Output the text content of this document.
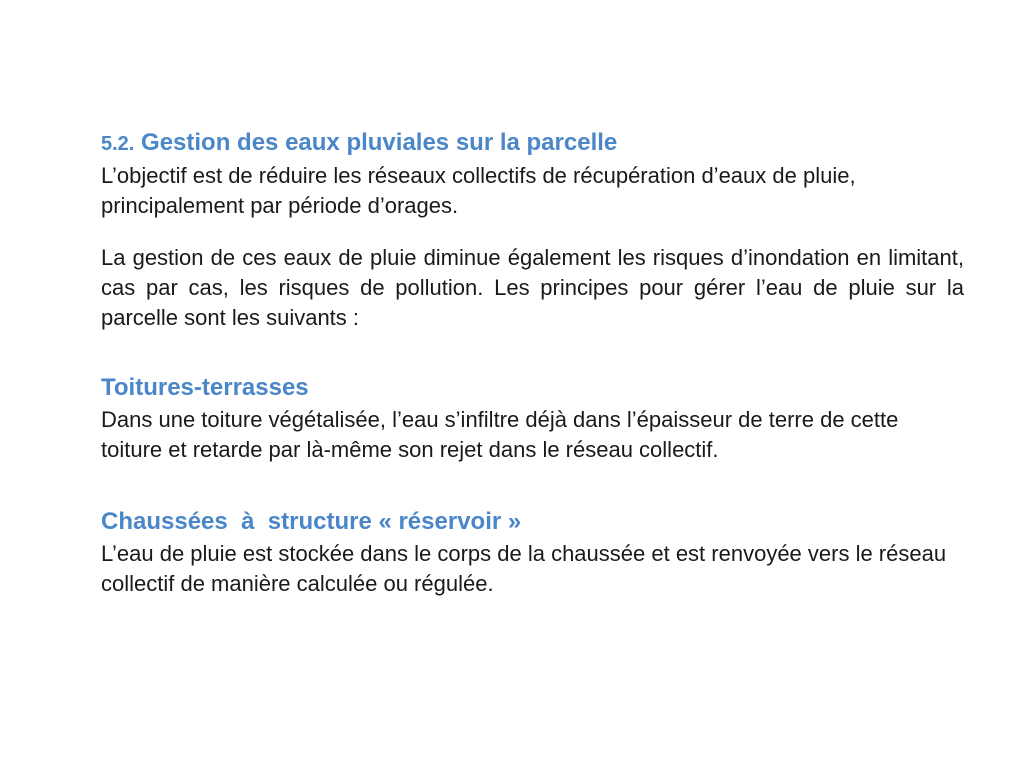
5.2. Gestion des eaux pluviales sur la parcelle

L’objectif est de réduire les réseaux collectifs de récupération d’eaux de pluie, principalement par période d’orages.

La gestion de ces eaux de pluie diminue également les risques d’inondation en limitant, cas par cas, les risques de pollution. Les principes pour gérer l’eau de pluie sur la parcelle sont les suivants :

Toitures-terrasses

Dans une toiture végétalisée, l’eau s’infiltre déjà dans l’épaisseur de terre de cette toiture et retarde par là-même son rejet dans le réseau collectif.

Chaussées  à  structure « réservoir »

L’eau de pluie est stockée dans le corps de la chaussée et est renvoyée vers le réseau collectif de manière calculée ou régulée.
